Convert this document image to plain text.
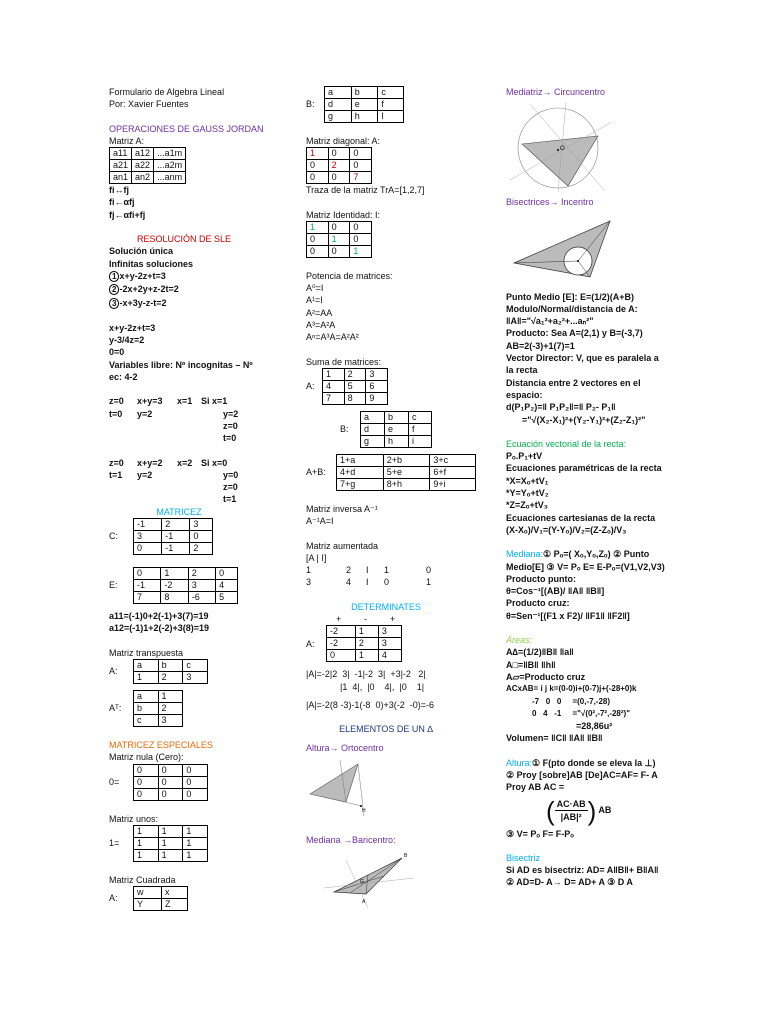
Formulario de Algebra Lineal
Por: Xavier Fuentes
OPERACIONES DE GAUSS JORDAN
Matriz A:
a11	a12	...a1m
a21	a22	...a2m
an1	an2	...anm
fi↔fj
fi←αfj
fj←αfi+fj
RESOLUCIÓN DE SLE
Solución única
Infinitas soluciones
1 x+y-2z+t=3
2 -2x+2y+z-2t=2
3 -x+3y-z-t=2
x+y-2z+t=3
y-3/4z=2
0=0
Variables libre: Nº incognitas – Nº
ec: 4-2
z=0	x+y=3	x=1 Si x=1
t=0	y=2	y=2
z=0
t=0
z=0	x+y=2	x=2 Si x=0
t=1	y=2	y=0
z=0
t=1
MATRICEZ
C:
-1	2	3
3	-1	0
0	-1	2
E:
0	1	2	0
-1	-2	3	4
7	8	-6	5
a11=(-1)0+2(-1)+3(7)=19
a12=(-1)1+2(-2)+3(8)=19
Matriz transpuesta
A:
a	b	c
1	2	3
Aᵀ:
a	1
b	2
c	3
MATRICEZ ESPECIALES
Matriz nula (Cero):
0=
0	0	0
0	0	0
0	0	0
Matriz unos:
1=
1	1	1
1	1	1
1	1	1
Matriz Cuadrada
A:
w	x
Y	Z
B:
a	b	c
d	e	f
g	h	I
Matriz diagonal: A:
1	0	0
0	2	0
0	0	7
Traza de la matriz TrA=[1,2,7]
Matriz Identidad: I:
1	0	0
0	1	0
0	0	1
Potencia de matrices:
A⁰=I
A¹=I
A²=AA
A³=A²A
Aⁿ=A³A=A²A²
Suma de matrices:
A:
1	2	3
4	5	6
7	8	9
B:
a	b	c
d	e	f
g	h	i
A+B:
1+a	2+b	3+c
4+d	5+e	6+f
7+g	8+h	9+i
Matriz inversa A⁻¹
A⁻¹A=I
Matriz aumentada
[A | I]
1	2	I	1	0
3	4	I	0	1
DETERMINATES
+	-	+
A:
-2	1	3
-2	2	3
0	1	4
|A|=-2|2  3|  -1|-2  3|  +3|-2   2|
|1  4|,  |0    4|,  |0    1|
|A|=-2(8 -3)-1(-8  0)+3(-2  -0)=-6
ELEMENTOS DE UN ∆
Altura→ Ortocentro
H
Mediana →Baricentro:
B
A
G
Mediatriz→ Circuncentro
O
Bisectrices→ Incentro
Punto Medio [E]: E=(1/2)(A+B)
Modulo/Normal/distancia de A:
‖A‖="√a₁²+a₂²+...aₙ²"
Producto: Sea A=(2,1) y B=(-3,7)
AB=2(-3)+1(7)=1
Vector Director: V, que es paralela a
la recta
Distancia entre 2 vectores en el
espacio:
d(P₁P₂)=‖ P₁P₂‖=‖ P₂- P₁‖
="√(X₂-X₁)²+(Y₂-Y₁)²+(Z₂-Z₁)²"
Ecuación vectorial de la recta:
Pₒ.P₁+tV
Ecuaciones paramétricas de la recta
*X=Xₒ+tV₁
*Y=Yₒ+tV₂
*Z=Zₒ+tV₃
Ecuaciones cartesianas de la recta
(X-Xₒ)/V₁=(Y-Yₒ)/V₂=(Z-Zₒ)/V₃
Mediana:① Pₒ=( Xₒ,Yₒ,Zₒ) ② Punto
Medio[E] ③ V= Pₒ E= E-Pₒ=(V1,V2,V3)
Producto punto:
θ=Cos⁻¹[(AB)/ ‖A‖ ‖B‖]
Producto cruz:
θ=Sen⁻¹[(F1 x F2)/ ‖F1‖ ‖F2‖]
Áreas:
A∆=(1/2)‖B‖ ‖a‖
A□=‖B‖ ‖h‖
A▱=Producto cruz
ACxAB= i j k=(0-0)i+(0-7)j+(-28+0)k
-7   0   0     =(0,-7,-28)
0   4   -1     ="√(0²,-7²,-28²)"
=28,86u²
Volumen= ‖C‖ ‖A‖ ‖B‖
Altura:① F(pto donde se eleva la ⊥)
② Proy [sobre]AB [De]AC=AF= F- A
Proy AB AC =
( AC·AB
|AB|² ) AB
③ V= Pₒ F= F-Pₒ
Bisectriz
Si AD es bisectriz: AD= A‖B‖+ B‖A‖
② AD=D- A→ D= AD+ A ③ D A
